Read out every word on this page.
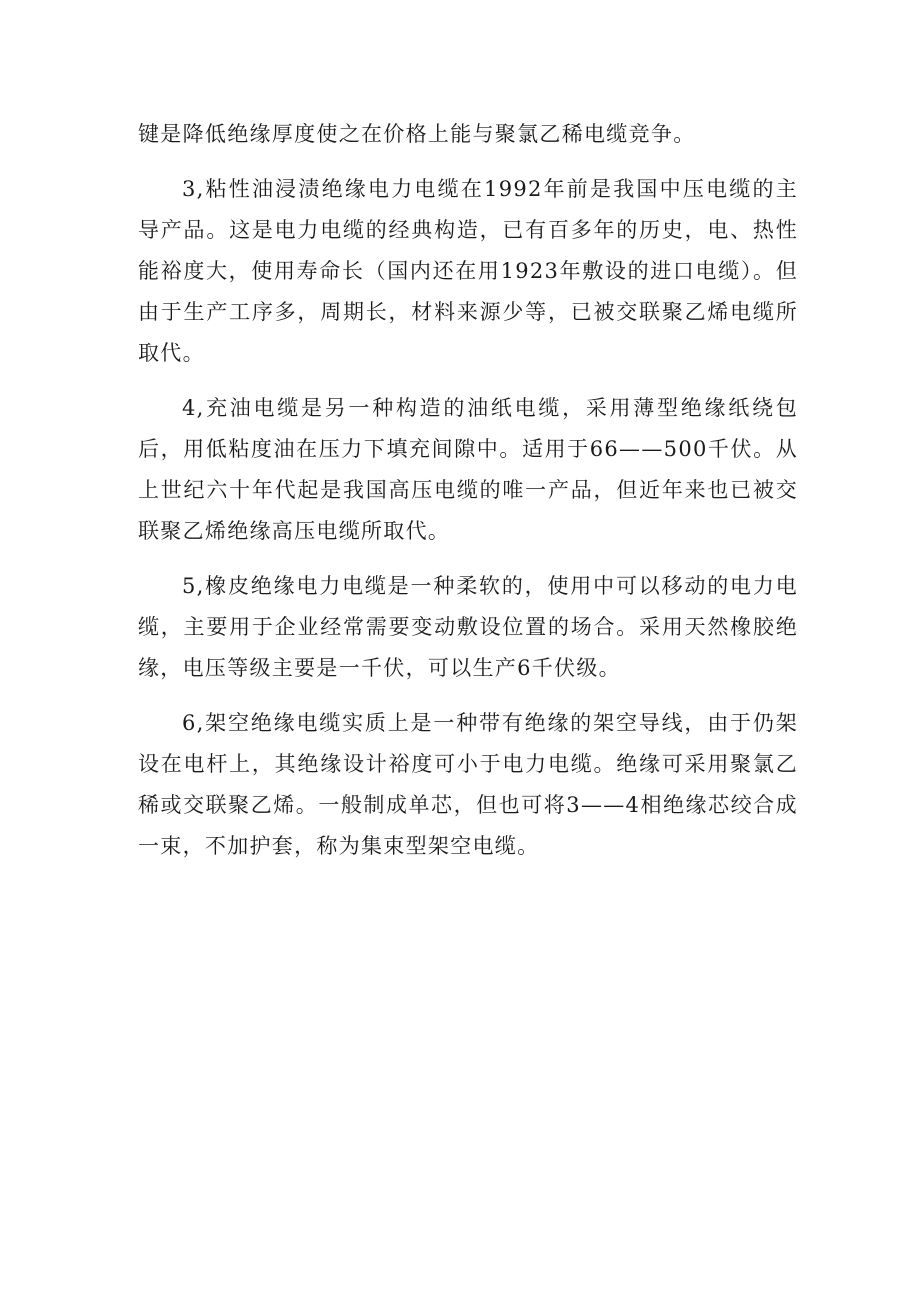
键是降低绝缘厚度使之在价格上能与聚氯乙稀电缆竞争。

3,粘性油浸渍绝缘电力电缆在1992年前是我国中压电缆的主导产品。这是电力电缆的经典构造，已有百多年的历史，电、热性能裕度大，使用寿命长（国内还在用1923年敷设的进口电缆）。但由于生产工序多，周期长，材料来源少等，已被交联聚乙烯电缆所取代。

4,充油电缆是另一种构造的油纸电缆，采用薄型绝缘纸绕包后，用低粘度油在压力下填充间隙中。适用于66——500千伏。从上世纪六十年代起是我国高压电缆的唯一产品，但近年来也已被交联聚乙烯绝缘高压电缆所取代。

5,橡皮绝缘电力电缆是一种柔软的，使用中可以移动的电力电缆，主要用于企业经常需要变动敷设位置的场合。采用天然橡胶绝缘，电压等级主要是一千伏，可以生产6千伏级。

6,架空绝缘电缆实质上是一种带有绝缘的架空导线，由于仍架设在电杆上，其绝缘设计裕度可小于电力电缆。绝缘可采用聚氯乙稀或交联聚乙烯。一般制成单芯，但也可将3——4相绝缘芯绞合成一束，不加护套，称为集束型架空电缆。
